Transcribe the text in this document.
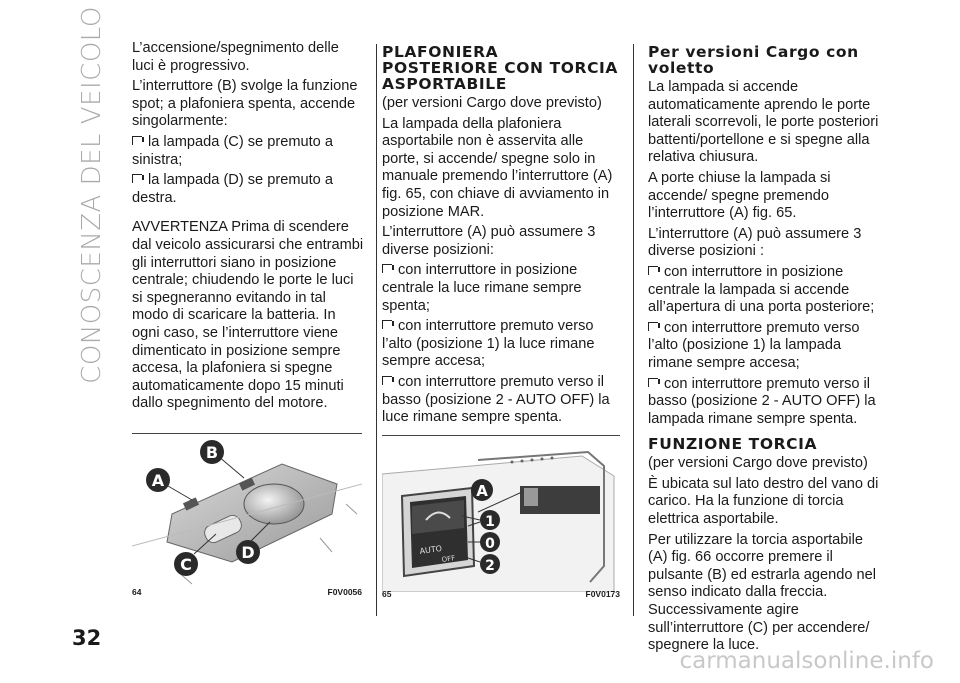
CONOSCENZA DEL VEICOLO L’accensione/spegnimento delle luci è progressivo.

L’interruttore (B) svolge la funzione spot; a plafoniera spenta, accende singolarmente:

la lampada (C) se premuto a sinistra;

la lampada (D) se premuto a destra.

AVVERTENZA Prima di scendere dal veicolo assicurarsi che entrambi gli interruttori siano in posizione centrale; chiudendo le porte le luci si spegneranno evitando in tal modo di scaricare la batteria. In ogni caso, se l’interruttore viene dimenticato in posizione sempre accesa, la plafoniera si spegne automaticamente dopo 15 minuti dallo spegnimento del motore.

A
B
C
D
64	F0V0056
PLAFONIERA POSTERIORE CON TORCIA ASPORTABILE

(per versioni Cargo dove previsto)

La lampada della plafoniera asportabile non è asservita alle porte, si accende/ spegne solo in manuale premendo l’interruttore (A) fig. 65, con chiave di avviamento in posizione MAR.

L’interruttore (A) può assumere 3 diverse posizioni:

con interruttore in posizione centrale la luce rimane sempre spenta;

con interruttore premuto verso l’alto (posizione 1) la luce rimane sempre accesa;

con interruttore premuto verso il basso (posizione 2 - AUTO OFF) la luce rimane sempre spenta.

AUTO
OFF
A
1
0
2
65	F0V0173
Per versioni Cargo con voletto

La lampada si accende automaticamente aprendo le porte laterali scorrevoli, le porte posteriori battenti/portellone e si spegne alla relativa chiusura.

A porte chiuse la lampada si accende/ spegne premendo l’interruttore (A) fig. 65.

L’interruttore (A) può assumere 3 diverse posizioni :

con interruttore in posizione centrale la lampada si accende all’apertura di una porta posteriore;

con interruttore premuto verso l’alto (posizione 1) la lampada rimane sempre accesa;

con interruttore premuto verso il basso (posizione 2 - AUTO OFF) la lampada rimane sempre spenta.

FUNZIONE TORCIA

(per versioni Cargo dove previsto)

È ubicata sul lato destro del vano di carico. Ha la funzione di torcia elettrica asportabile.

Per utilizzare la torcia asportabile (A) fig. 66 occorre premere il pulsante (B) ed estrarla agendo nel senso indicato dalla freccia. Successivamente agire sull’interruttore (C) per accendere/ spegnere la luce.

32
carmanualsonline.info
